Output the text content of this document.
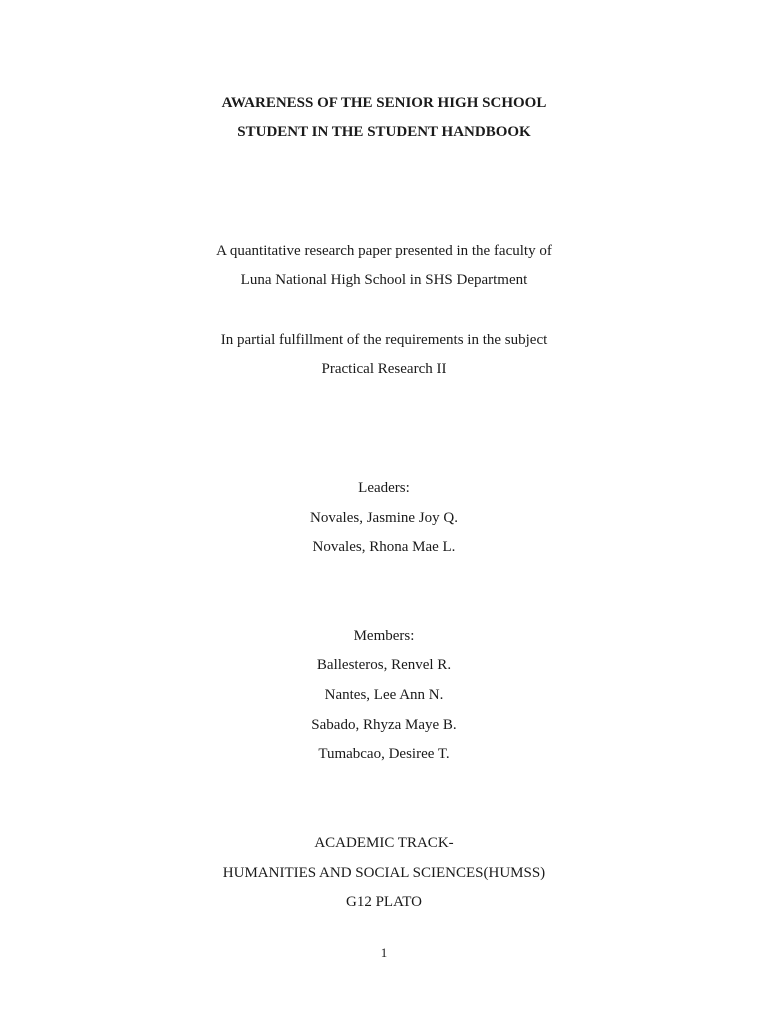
AWARENESS OF THE SENIOR HIGH SCHOOL
STUDENT IN THE STUDENT HANDBOOK
A quantitative research paper presented in the faculty of
Luna National High School in SHS Department
In partial fulfillment of the requirements in the subject
Practical Research II
Leaders:
Novales, Jasmine Joy Q.
Novales, Rhona Mae L.
Members:
Ballesteros, Renvel R.
Nantes, Lee Ann N.
Sabado, Rhyza Maye B.
Tumabcao, Desiree T.
ACADEMIC TRACK-
HUMANITIES AND SOCIAL SCIENCES(HUMSS)
G12 PLATO
1
